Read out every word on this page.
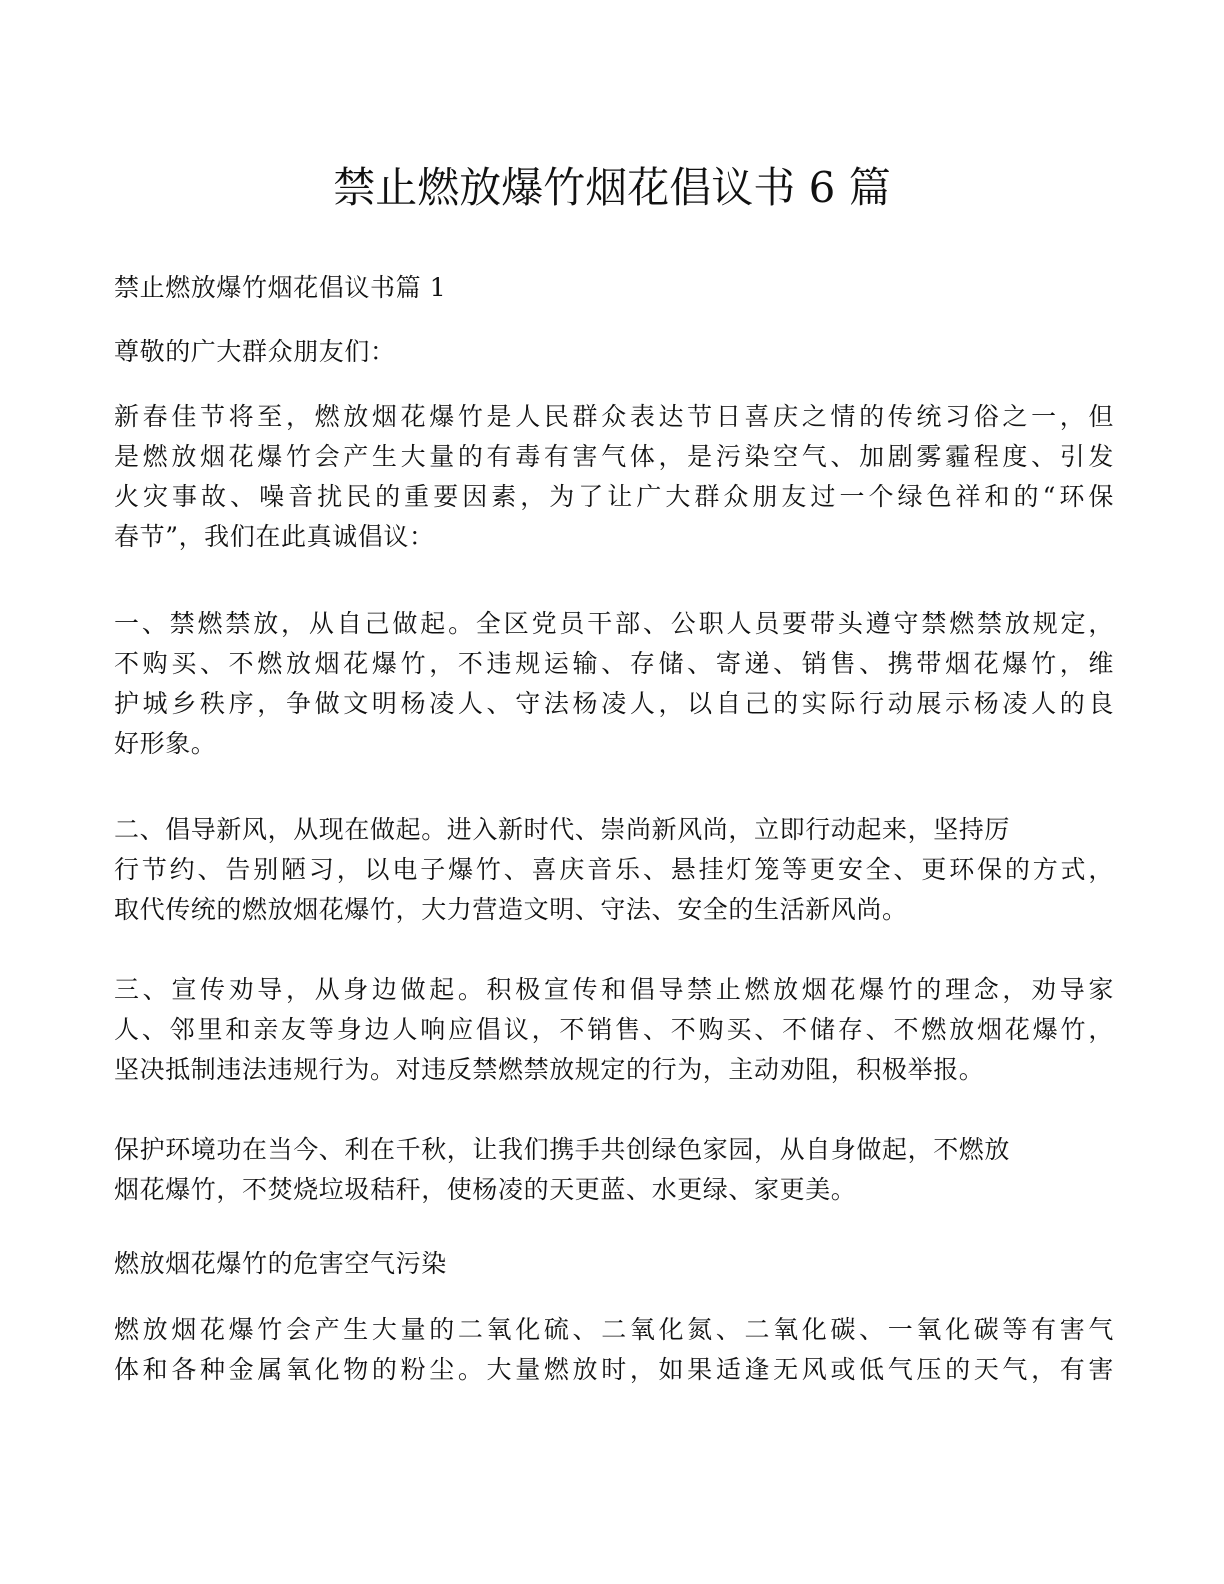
禁止燃放爆竹烟花倡议书 6 篇

禁止燃放爆竹烟花倡议书篇 1

尊敬的广大群众朋友们：

新春佳节将至，燃放烟花爆竹是人民群众表达节日喜庆之情的传统习俗之一，但
是燃放烟花爆竹会产生大量的有毒有害气体，是污染空气、加剧雾霾程度、引发
火灾事故、噪音扰民的重要因素，为了让广大群众朋友过一个绿色祥和的“环保
春节”，我们在此真诚倡议：

一、禁燃禁放，从自己做起。全区党员干部、公职人员要带头遵守禁燃禁放规定，
不购买、不燃放烟花爆竹，不违规运输、存储、寄递、销售、携带烟花爆竹，维
护城乡秩序，争做文明杨凌人、守法杨凌人，以自己的实际行动展示杨凌人的良
好形象。

二、倡导新风，从现在做起。进入新时代、崇尚新风尚，立即行动起来，坚持厉
行节约、告别陋习，以电子爆竹、喜庆音乐、悬挂灯笼等更安全、更环保的方式，
取代传统的燃放烟花爆竹，大力营造文明、守法、安全的生活新风尚。

三、宣传劝导，从身边做起。积极宣传和倡导禁止燃放烟花爆竹的理念，劝导家
人、邻里和亲友等身边人响应倡议，不销售、不购买、不储存、不燃放烟花爆竹，
坚决抵制违法违规行为。对违反禁燃禁放规定的行为，主动劝阻，积极举报。

保护环境功在当今、利在千秋，让我们携手共创绿色家园，从自身做起，不燃放
烟花爆竹，不焚烧垃圾秸秆，使杨凌的天更蓝、水更绿、家更美。

燃放烟花爆竹的危害空气污染

燃放烟花爆竹会产生大量的二氧化硫、二氧化氮、二氧化碳、一氧化碳等有害气
体和各种金属氧化物的粉尘。大量燃放时，如果适逢无风或低气压的天气，有害
